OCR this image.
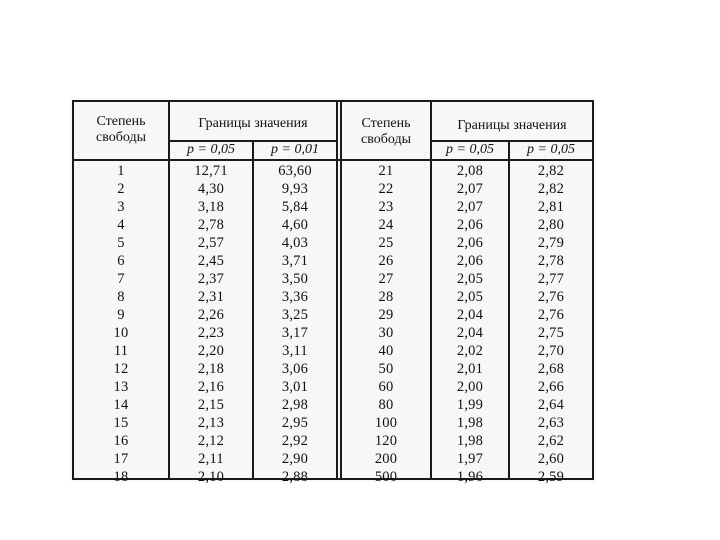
Степень
свободы
Границы значения
p = 0,05	p = 0,01
Степень
свободы
Границы значения
p = 0,05	p = 0,05
1	12,71	63,60
2	4,30	9,93
3	3,18	5,84
4	2,78	4,60
5	2,57	4,03
6	2,45	3,71
7	2,37	3,50
8	2,31	3,36
9	2,26	3,25
10	2,23	3,17
11	2,20	3,11
12	2,18	3,06
13	2,16	3,01
14	2,15	2,98
15	2,13	2,95
16	2,12	2,92
17	2,11	2,90
18	2,10	2,88
21	2,08	2,82
22	2,07	2,82
23	2,07	2,81
24	2,06	2,80
25	2,06	2,79
26	2,06	2,78
27	2,05	2,77
28	2,05	2,76
29	2,04	2,76
30	2,04	2,75
40	2,02	2,70
50	2,01	2,68
60	2,00	2,66
80	1,99	2,64
100	1,98	2,63
120	1,98	2,62
200	1,97	2,60
500	1,96	2,59
